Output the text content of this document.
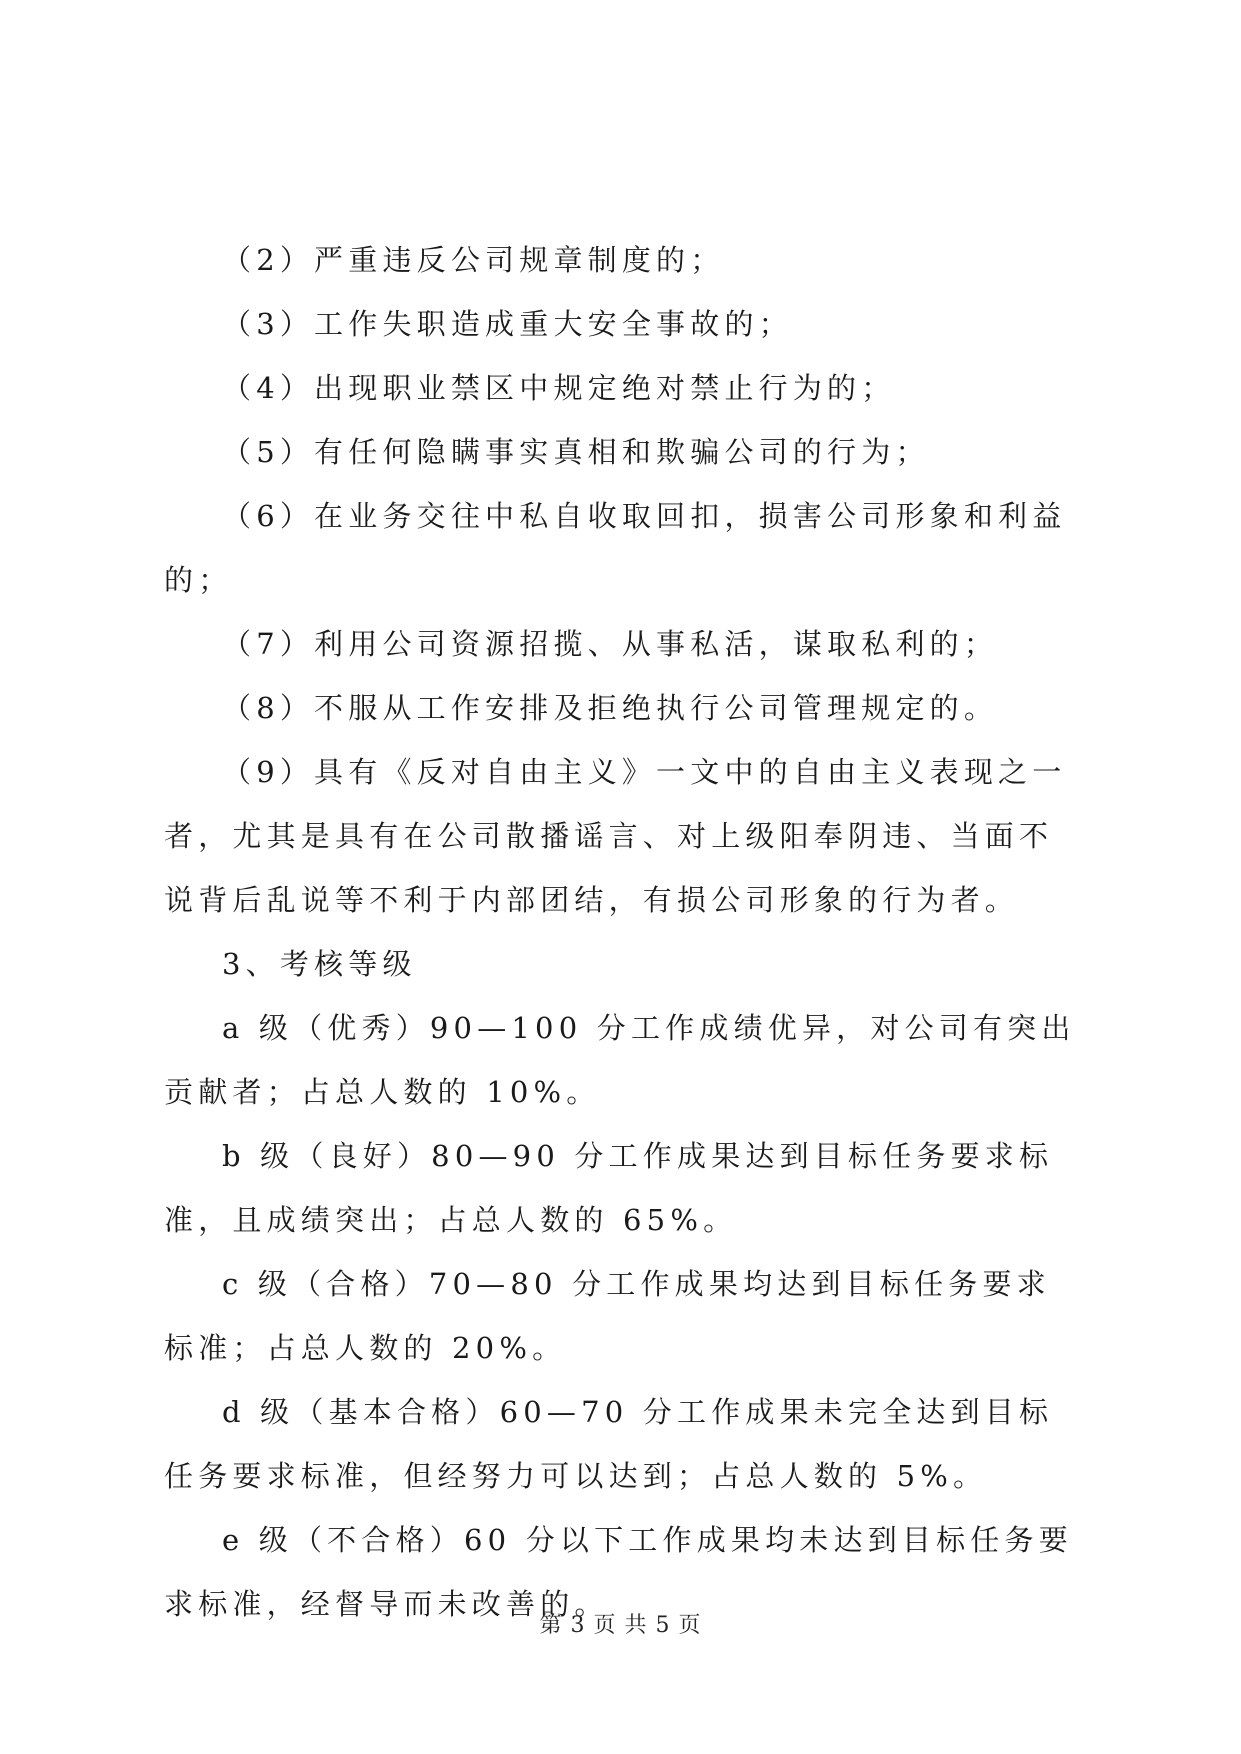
（2）严重违反公司规章制度的；

（3）工作失职造成重大安全事故的；

（4）出现职业禁区中规定绝对禁止行为的；

（5）有任何隐瞒事实真相和欺骗公司的行为；

（6）在业务交往中私自收取回扣，损害公司形象和利益的；

（7）利用公司资源招揽、从事私活，谋取私利的；

（8）不服从工作安排及拒绝执行公司管理规定的。

（9）具有《反对自由主义》一文中的自由主义表现之一者，尤其是具有在公司散播谣言、对上级阳奉阴违、当面不说背后乱说等不利于内部团结，有损公司形象的行为者。

3、考核等级

a 级（优秀）90—100 分工作成绩优异，对公司有突出贡献者；占总人数的 10%。

b 级（良好）80—90 分工作成果达到目标任务要求标准，且成绩突出；占总人数的 65%。

c 级（合格）70—80 分工作成果均达到目标任务要求标准；占总人数的 20%。

d 级（基本合格）60—70 分工作成果未完全达到目标任务要求标准，但经努力可以达到；占总人数的 5%。

e 级（不合格）60 分以下工作成果均未达到目标任务要求标准，经督导而未改善的。

第 3 页 共 5 页
